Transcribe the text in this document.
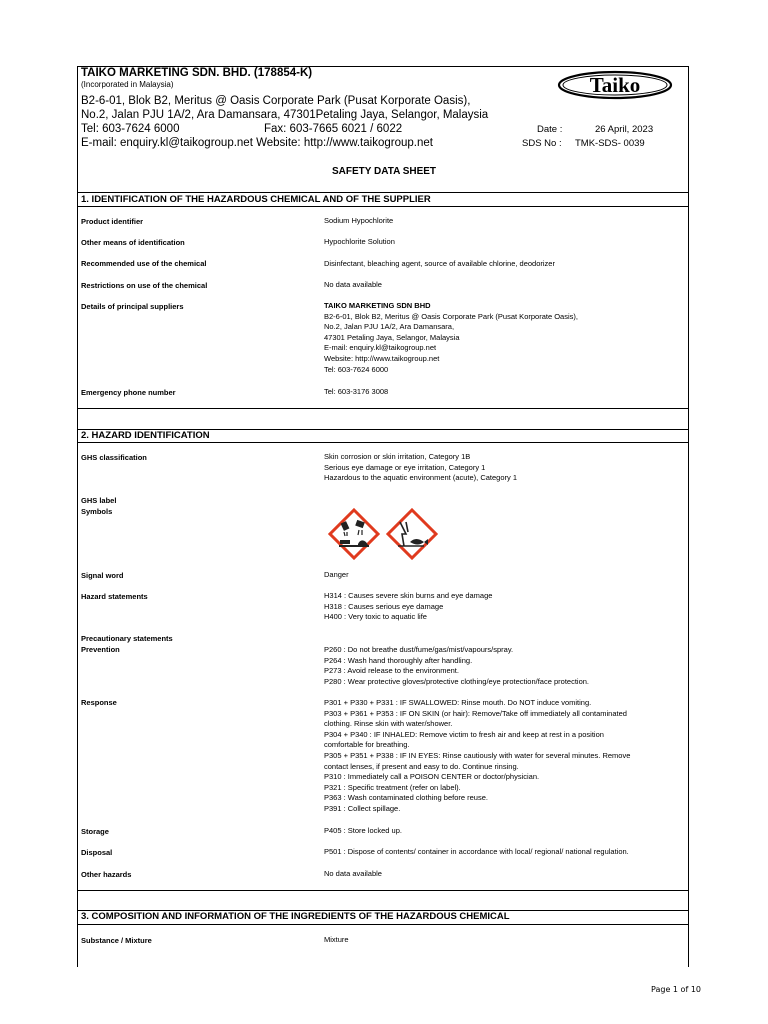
TAIKO MARKETING SDN. BHD. (178854-K)
(Incorporated in Malaysia)
B2-6-01, Blok B2, Meritus @ Oasis Corporate Park (Pusat Korporate Oasis),
No.2, Jalan PJU 1A/2, Ara Damansara, 47301Petaling Jaya, Selangor, Malaysia
Tel: 603-7624 6000	Fax: 603-7665 6021 / 6022
E-mail: enquiry.kl@taikogroup.net Website: http://www.taikogroup.net
Date :	26 April, 2023
SDS No : TMK-SDS- 0039
Taiko
SAFETY DATA SHEET
1. IDENTIFICATION OF THE HAZARDOUS CHEMICAL AND OF THE SUPPLIER
Product identifier	Sodium Hypochlorite
Other means of identification	Hypochlorite Solution
Recommended use of the chemical	Disinfectant, bleaching agent, source of available chlorine, deodorizer
Restrictions on use of the chemical	No data available
Details of principal suppliers	TAIKO MARKETING SDN BHD
B2-6-01, Blok B2, Meritus @ Oasis Corporate Park (Pusat Korporate Oasis),
No.2, Jalan PJU 1A/2, Ara Damansara,
47301 Petaling Jaya, Selangor, Malaysia
E-mail: enquiry.kl@taikogroup.net
Website: http://www.taikogroup.net
Tel: 603-7624 6000
Emergency phone number	Tel: 603-3176 3008
2. HAZARD IDENTIFICATION
GHS classification	Skin corrosion or skin irritation, Category 1B
Serious eye damage or eye irritation, Category 1
Hazardous to the aquatic environment (acute), Category 1
GHS label
Symbols
Signal word	Danger
Hazard statements	H314 : Causes severe skin burns and eye damage
H318 : Causes serious eye damage
H400 : Very toxic to aquatic life
Precautionary statements
Prevention	P260 : Do not breathe dust/fume/gas/mist/vapours/spray.
P264 : Wash hand thoroughly after handling.
P273 : Avoid release to the environment.
P280 : Wear protective gloves/protective clothing/eye protection/face protection.
Response	P301 + P330 + P331 : IF SWALLOWED: Rinse mouth. Do NOT induce vomiting.
P303 + P361 + P353 : IF ON SKIN (or hair): Remove/Take off immediately all contaminated
clothing. Rinse skin with water/shower.
P304 + P340 : IF INHALED: Remove victim to fresh air and keep at rest in a position
comfortable for breathing.
P305 + P351 + P338 : IF IN EYES: Rinse cautiously with water for several minutes. Remove
contact lenses, if present and easy to do. Continue rinsing.
P310 : Immediately call a POISON CENTER or doctor/physician.
P321 : Specific treatment (refer on label).
P363 : Wash contaminated clothing before reuse.
P391 : Collect spillage.
Storage	P405 : Store locked up.
Disposal	P501 : Dispose of contents/ container in accordance with local/ regional/ national regulation.
Other hazards	No data available
3. COMPOSITION AND INFORMATION OF THE INGREDIENTS OF THE HAZARDOUS CHEMICAL
Substance / Mixture	Mixture
Page 1 of 10
